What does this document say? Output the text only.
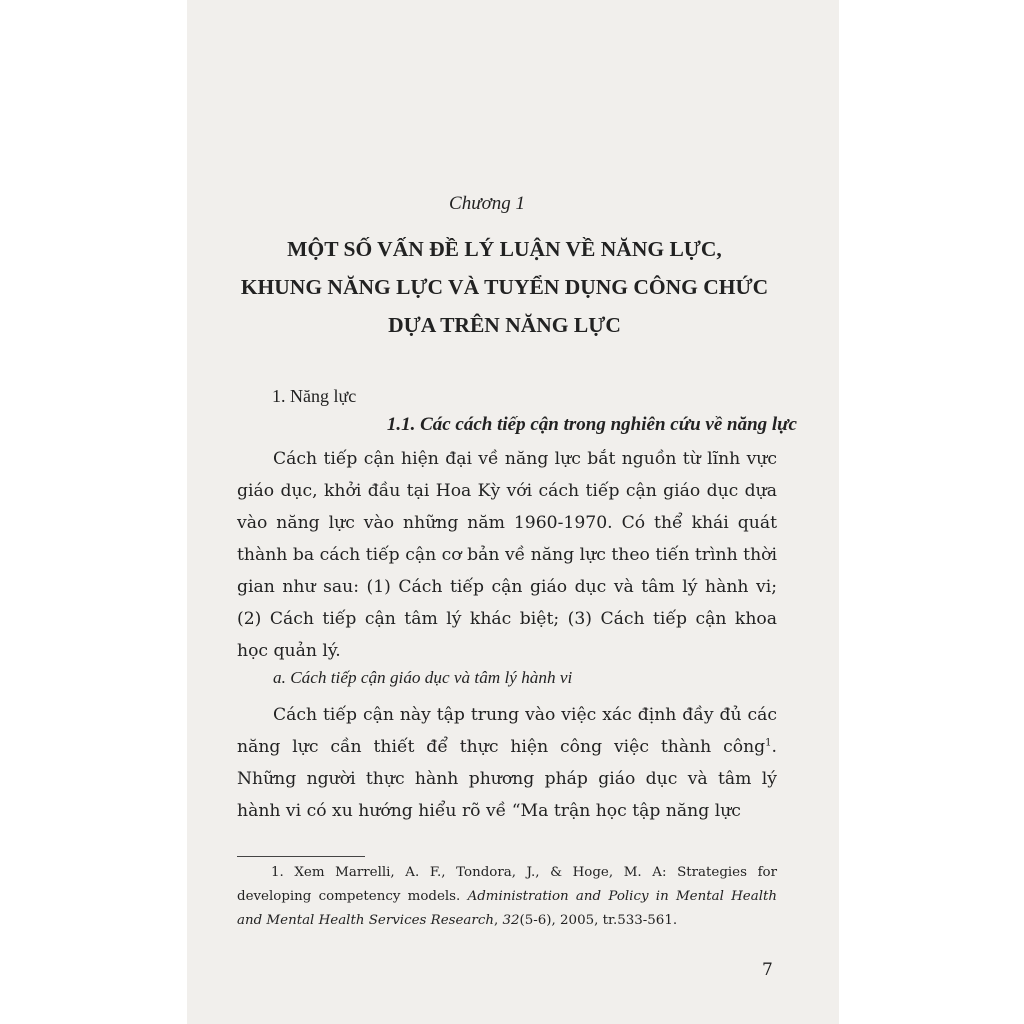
Chương 1
MỘT SỐ VẤN ĐỀ LÝ LUẬN VỀ NĂNG LỰC,
KHUNG NĂNG LỰC VÀ TUYỂN DỤNG CÔNG CHỨC
DỰA TRÊN NĂNG LỰC
1. Năng lực
1.1. Các cách tiếp cận trong nghiên cứu về năng lực

Cách tiếp cận hiện đại về năng lực bắt nguồn từ lĩnh vực giáo dục, khởi đầu tại Hoa Kỳ với cách tiếp cận giáo dục dựa vào năng lực vào những năm 1960-1970. Có thể khái quát thành ba cách tiếp cận cơ bản về năng lực theo tiến trình thời gian như sau: (1) Cách tiếp cận giáo dục và tâm lý hành vi; (2) Cách tiếp cận tâm lý khác biệt; (3) Cách tiếp cận khoa học quản lý.

a. Cách tiếp cận giáo dục và tâm lý hành vi

Cách tiếp cận này tập trung vào việc xác định đầy đủ các năng lực cần thiết để thực hiện công việc thành công$^1$. Những người thực hành phương pháp giáo dục và tâm lý hành vi có xu hướng hiểu rõ về “Ma trận học tập năng lực

1. Xem Marrelli, A. F., Tondora, J., & Hoge, M. A: Strategies for developing competency models. Administration and Policy in Mental Health and Mental Health Services Research, 32(5-6), 2005, tr.533-561.

7
